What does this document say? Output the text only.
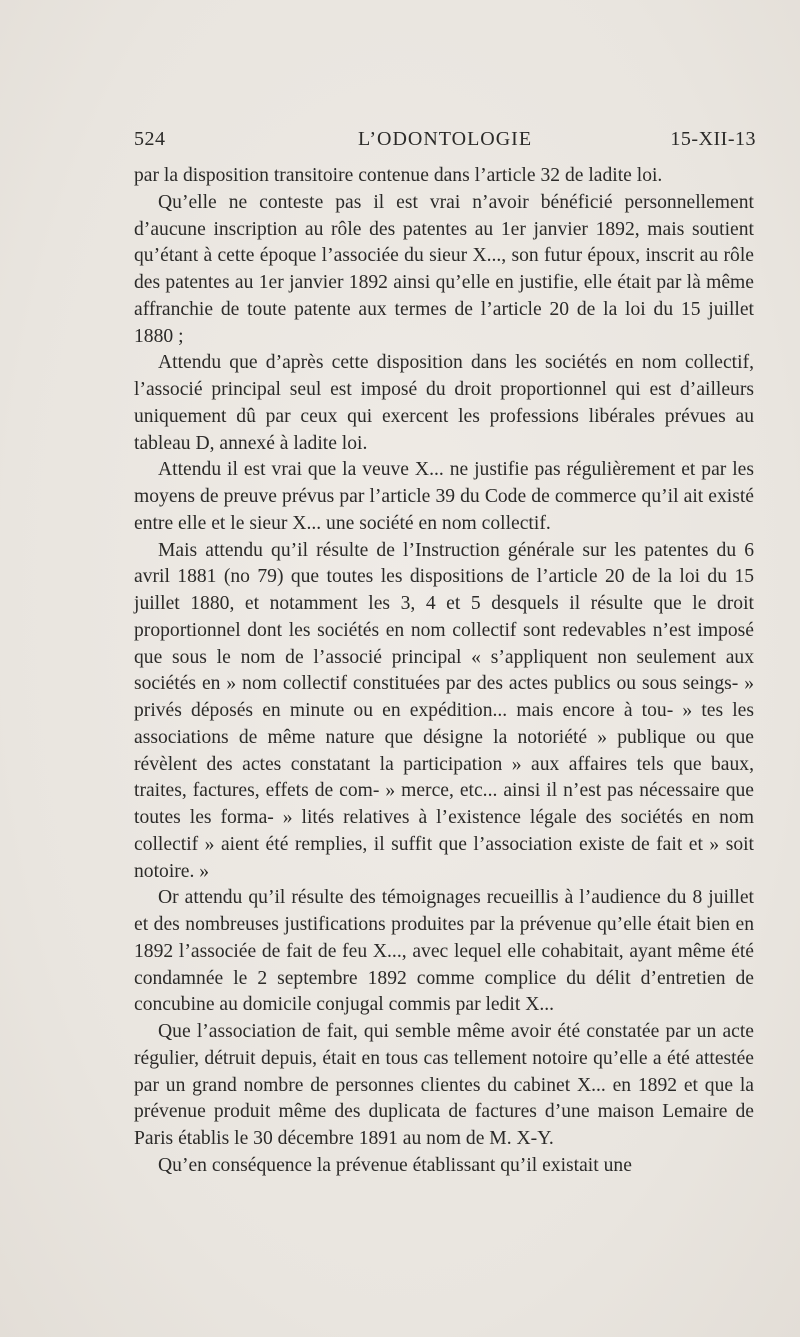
524	L’ODONTOLOGIE	15-XII-13

par la disposition transitoire contenue dans l’article 32 de ladite loi.

Qu’elle ne conteste pas il est vrai n’avoir bénéficié personnellement d’aucune inscription au rôle des patentes au 1er janvier 1892, mais soutient qu’étant à cette époque l’associée du sieur X..., son futur époux, inscrit au rôle des patentes au 1er janvier 1892 ainsi qu’elle en justifie, elle était par là même affranchie de toute patente aux termes de l’article 20 de la loi du 15 juillet 1880 ;

Attendu que d’après cette disposition dans les sociétés en nom collectif, l’associé principal seul est imposé du droit proportionnel qui est d’ailleurs uniquement dû par ceux qui exercent les professions libérales prévues au tableau D, annexé à ladite loi.

Attendu il est vrai que la veuve X... ne justifie pas régulièrement et par les moyens de preuve prévus par l’article 39 du Code de commerce qu’il ait existé entre elle et le sieur X... une société en nom collectif.

Mais attendu qu’il résulte de l’Instruction générale sur les patentes du 6 avril 1881 (no 79) que toutes les dispositions de l’article 20 de la loi du 15 juillet 1880, et notamment les 3, 4 et 5 desquels il résulte que le droit proportionnel dont les sociétés en nom collectif sont redevables n’est imposé que sous le nom de l’associé principal « s’appliquent non seulement aux sociétés en » nom collectif constituées par des actes publics ou sous seings- » privés déposés en minute ou en expédition... mais encore à tou- » tes les associations de même nature que désigne la notoriété » publique ou que révèlent des actes constatant la participation » aux affaires tels que baux, traites, factures, effets de com- » merce, etc... ainsi il n’est pas nécessaire que toutes les forma- » lités relatives à l’existence légale des sociétés en nom collectif » aient été remplies, il suffit que l’association existe de fait et » soit notoire. »

Or attendu qu’il résulte des témoignages recueillis à l’audience du 8 juillet et des nombreuses justifications produites par la prévenue qu’elle était bien en 1892 l’associée de fait de feu X..., avec lequel elle cohabitait, ayant même été condamnée le 2 septembre 1892 comme complice du délit d’entretien de concubine au domicile conjugal commis par ledit X...

Que l’association de fait, qui semble même avoir été constatée par un acte régulier, détruit depuis, était en tous cas tellement notoire qu’elle a été attestée par un grand nombre de personnes clientes du cabinet X... en 1892 et que la prévenue produit même des duplicata de factures d’une maison Lemaire de Paris établis le 30 décembre 1891 au nom de M. X-Y.

Qu’en conséquence la prévenue établissant qu’il existait une
